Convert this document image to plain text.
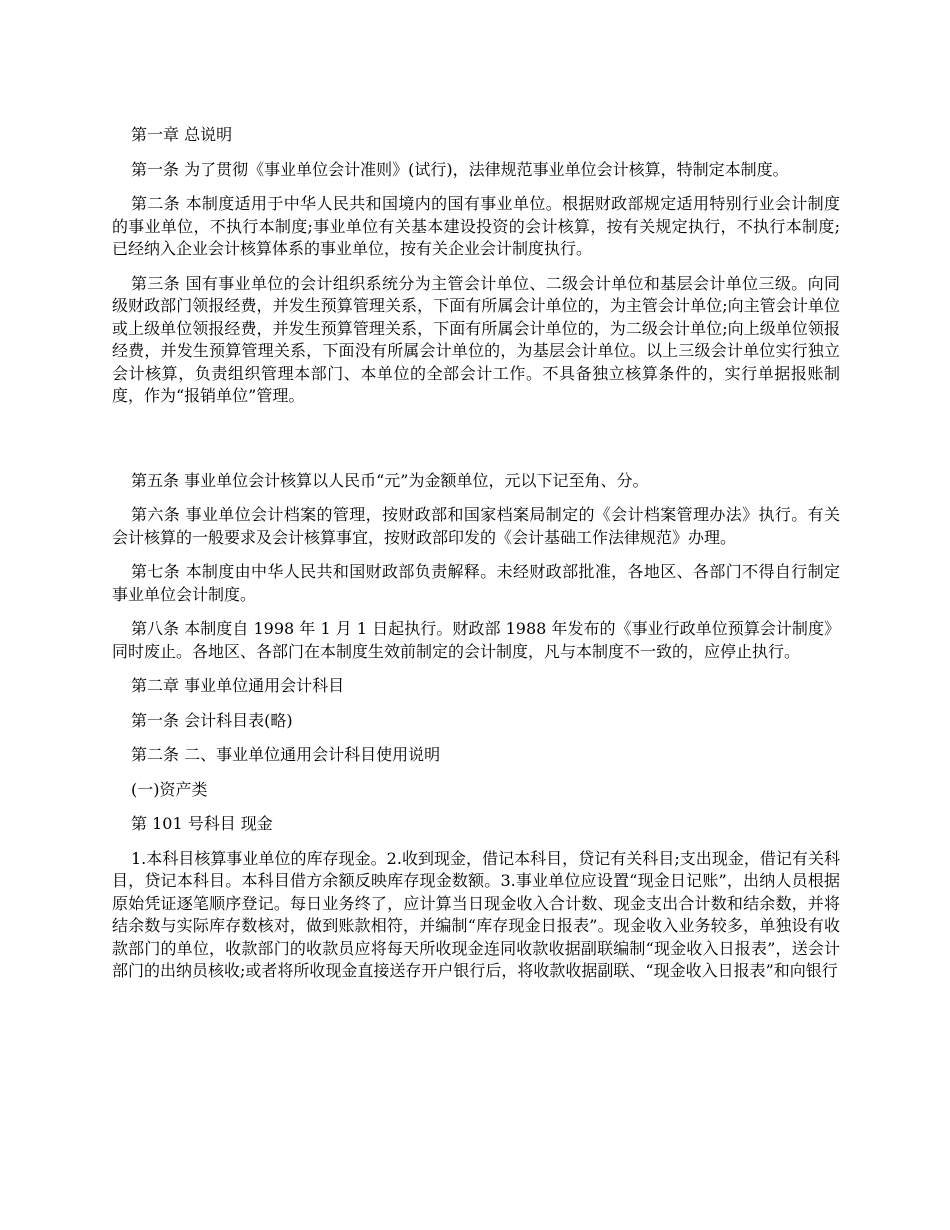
第一章 总说明

第一条 为了贯彻《事业单位会计准则》(试行)，法律规范事业单位会计核算，特制定本制度。

第二条 本制度适用于中华人民共和国境内的国有事业单位。根据财政部规定适用特别行业会计制度的事业单位，不执行本制度;事业单位有关基本建设投资的会计核算，按有关规定执行，不执行本制度;已经纳入企业会计核算体系的事业单位，按有关企业会计制度执行。

第三条 国有事业单位的会计组织系统分为主管会计单位、二级会计单位和基层会计单位三级。向同级财政部门领报经费，并发生预算管理关系，下面有所属会计单位的，为主管会计单位;向主管会计单位或上级单位领报经费，并发生预算管理关系，下面有所属会计单位的，为二级会计单位;向上级单位领报经费，并发生预算管理关系，下面没有所属会计单位的，为基层会计单位。以上三级会计单位实行独立会计核算，负责组织管理本部门、本单位的全部会计工作。不具备独立核算条件的，实行单据报账制度，作为“报销单位”管理。

第五条 事业单位会计核算以人民币“元”为金额单位，元以下记至角、分。

第六条 事业单位会计档案的管理，按财政部和国家档案局制定的《会计档案管理办法》执行。有关会计核算的一般要求及会计核算事宜，按财政部印发的《会计基础工作法律规范》办理。

第七条 本制度由中华人民共和国财政部负责解释。未经财政部批准，各地区、各部门不得自行制定事业单位会计制度。

第八条 本制度自 1998 年 1 月 1 日起执行。财政部 1988 年发布的《事业行政单位预算会计制度》同时废止。各地区、各部门在本制度生效前制定的会计制度，凡与本制度不一致的，应停止执行。

第二章 事业单位通用会计科目

第一条 会计科目表(略)

第二条 二、事业单位通用会计科目使用说明

(一)资产类

第 101 号科目 现金

1.本科目核算事业单位的库存现金。2.收到现金，借记本科目，贷记有关科目;支出现金，借记有关科目，贷记本科目。本科目借方余额反映库存现金数额。3.事业单位应设置“现金日记账”，出纳人员根据原始凭证逐笔顺序登记。每日业务终了，应计算当日现金收入合计数、现金支出合计数和结余数，并将结余数与实际库存数核对，做到账款相符，并编制“库存现金日报表”。现金收入业务较多，单独设有收款部门的单位，收款部门的收款员应将每天所收现金连同收款收据副联编制“现金收入日报表”，送会计部门的出纳员核收;或者将所收现金直接送存开户银行后，将收款收据副联、“现金收入日报表”和向银行
